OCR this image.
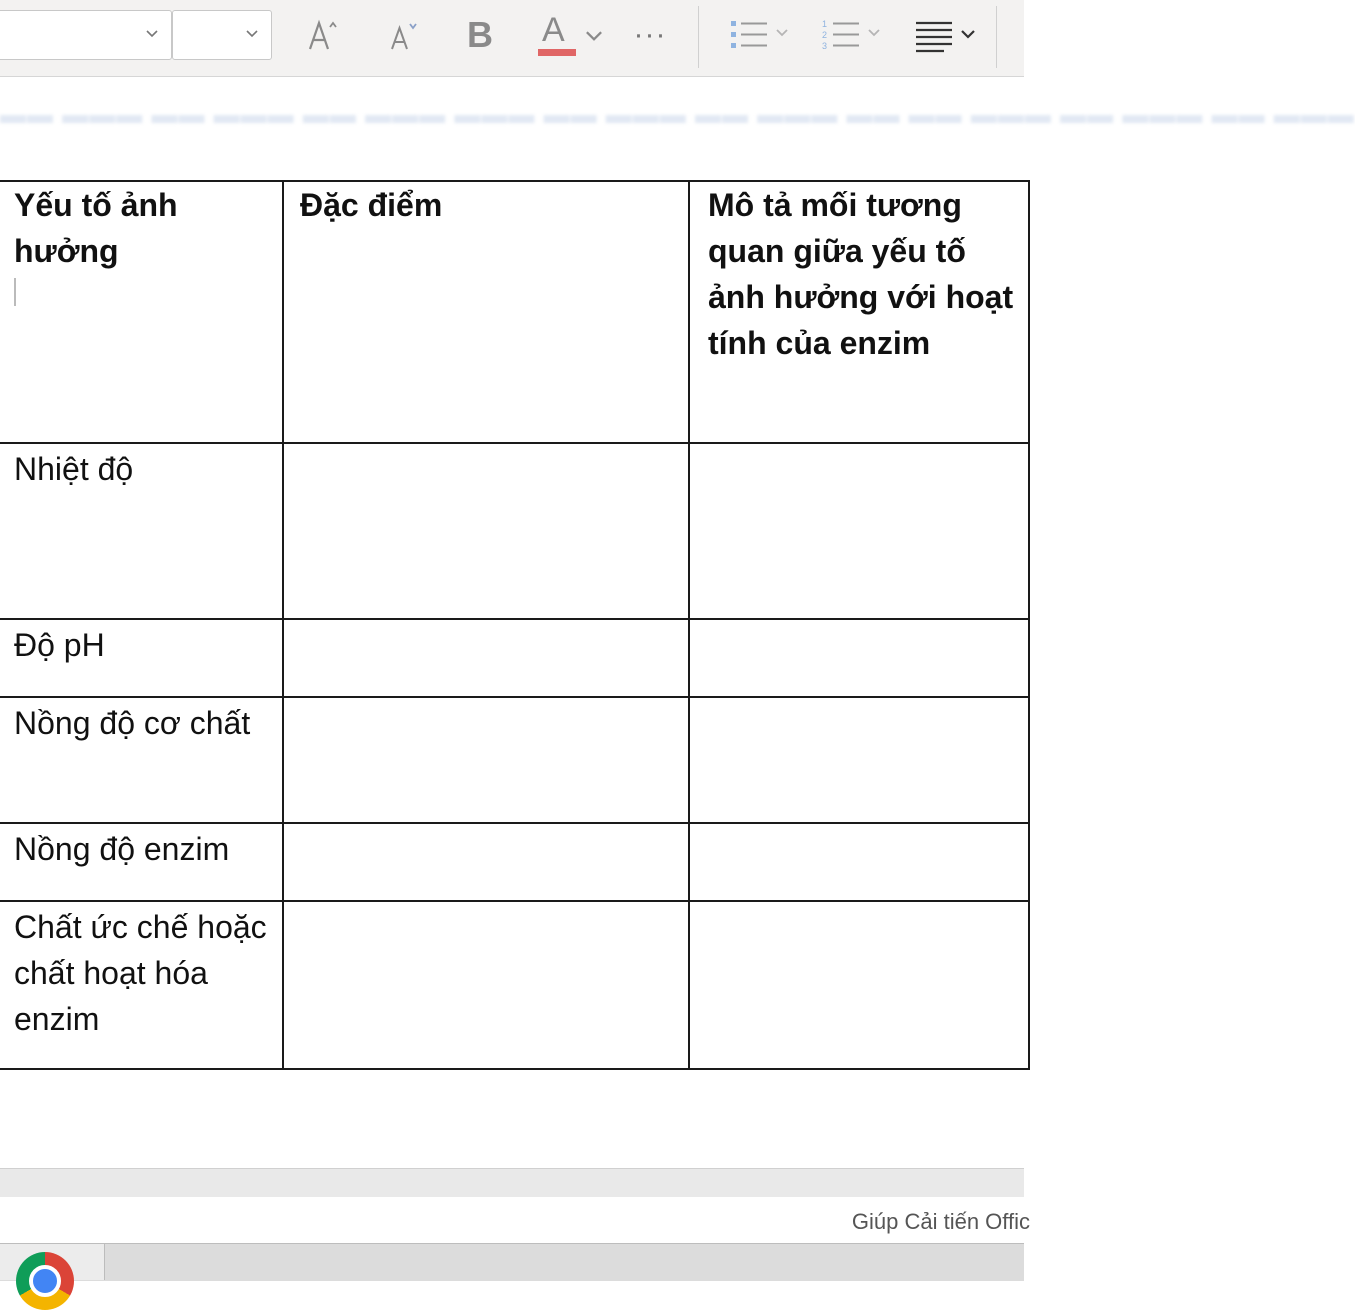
B A ···	1
2
3
▬▬ ▬▬▬ ▬▬ ▬▬▬ ▬▬ ▬▬▬ ▬▬▬ ▬▬ ▬▬▬ ▬▬ ▬▬▬ ▬▬ ▬▬ ▬▬▬ ▬▬ ▬▬▬ ▬▬ ▬▬▬
Yếu tố ảnh hưởng	Đặc điểm	Mô tả mối tương quan giữa yếu tố ảnh hưởng với hoạt tính của enzim
Nhiệt độ		
Độ pH		
Nồng độ cơ chất		
Nồng độ enzim		
Chất ức chế hoặc chất hoạt hóa enzim		
Giúp Cải tiến Offic
